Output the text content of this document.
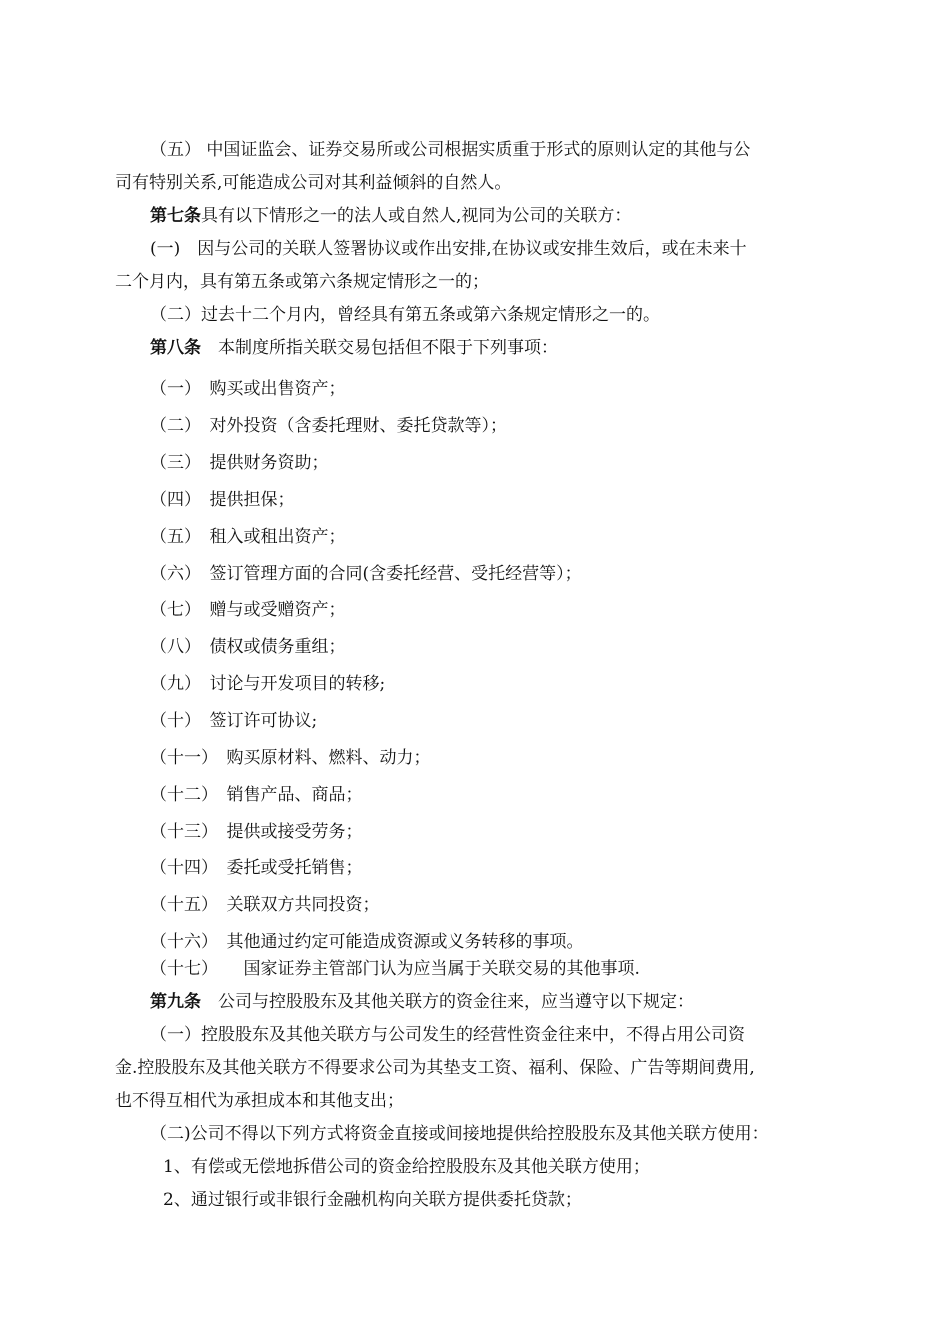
（五） 中国证监会、证券交易所或公司根据实质重于形式的原则认定的其他与公
司有特别关系,可能造成公司对其利益倾斜的自然人。
第七条具有以下情形之一的法人或自然人,视同为公司的关联方：
(一)　因与公司的关联人签署协议或作出安排,在协议或安排生效后，或在未来十
二个月内，具有第五条或第六条规定情形之一的；
（二）过去十二个月内，曾经具有第五条或第六条规定情形之一的。
第八条　本制度所指关联交易包括但不限于下列事项：
（一）　购买或出售资产；
（二）　对外投资（含委托理财、委托贷款等）；
（三）　提供财务资助；
（四）　提供担保；
（五）　租入或租出资产；
（六）　签订管理方面的合同(含委托经营、受托经营等）；
（七）　赠与或受赠资产；
（八）　债权或债务重组；
（九）　讨论与开发项目的转移;
（十）　签订许可协议;
（十一）　购买原材料、燃料、动力；
（十二）　销售产品、商品；
（十三）　提供或接受劳务；
（十四）　委托或受托销售；
（十五）　关联双方共同投资；
（十六）　其他通过约定可能造成资源或义务转移的事项。
（十七）　　国家证券主管部门认为应当属于关联交易的其他事项.
第九条　公司与控股股东及其他关联方的资金往来，应当遵守以下规定：
（一）控股股东及其他关联方与公司发生的经营性资金往来中，不得占用公司资
金.控股股东及其他关联方不得要求公司为其垫支工资、福利、保险、广告等期间费用,
也不得互相代为承担成本和其他支出；
（二)公司不得以下列方式将资金直接或间接地提供给控股股东及其他关联方使用：
1、有偿或无偿地拆借公司的资金给控股股东及其他关联方使用；
2、通过银行或非银行金融机构向关联方提供委托贷款；
